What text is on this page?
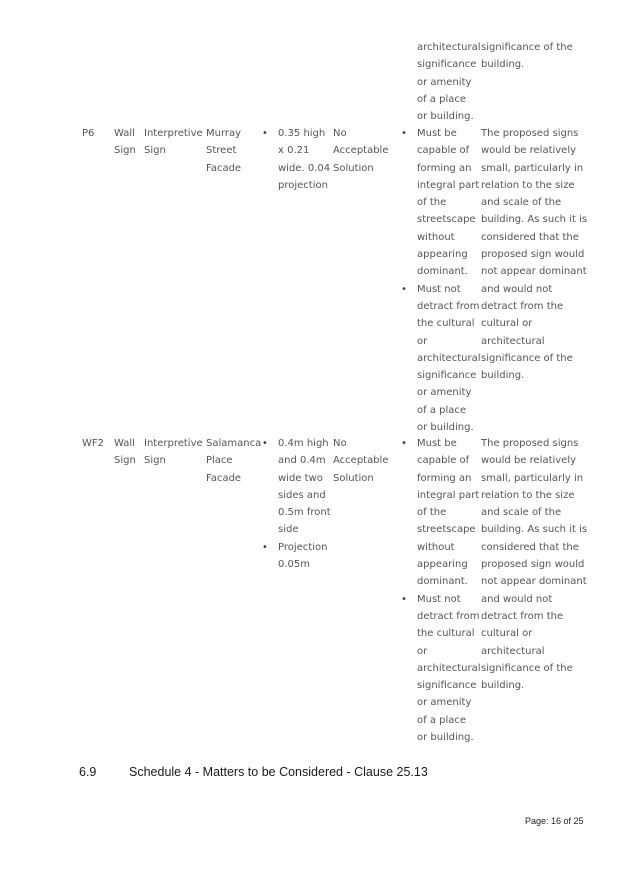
architectural
significance
or amenity
of a place
or building.
significance of the
building.
P6	Wall
Sign
Interpretive
Sign
Murray
Street
Facade
• 0.35 high
x 0.21
wide. 0.04
projection
No
Acceptable
Solution
• Must be
capable of
forming an
integral part
of the
streetscape
without
appearing
dominant.
• Must not
detract from
the cultural
or
architectural
significance
or amenity
of a place
or building.
The proposed signs
would be relatively
small, particularly in
relation to the size
and scale of the
building. As such it is
considered that the
proposed sign would
not appear dominant
and would not
detract from the
cultural or
architectural
significance of the
building.
WF2 Wall
Sign
Interpretive
Sign
Salamanca
Place
Facade
• 0.4m high
and 0.4m
wide two
sides and
0.5m front
side
• Projection
0.05m
No
Acceptable
Solution
• Must be
capable of
forming an
integral part
of the
streetscape
without
appearing
dominant.
• Must not
detract from
the cultural
or
architectural
significance
or amenity
of a place
or building.
The proposed signs
would be relatively
small, particularly in
relation to the size
and scale of the
building. As such it is
considered that the
proposed sign would
not appear dominant
and would not
detract from the
cultural or
architectural
significance of the
building.
6.9	Schedule 4 - Matters to be Considered - Clause 25.13
Page: 16 of 25
